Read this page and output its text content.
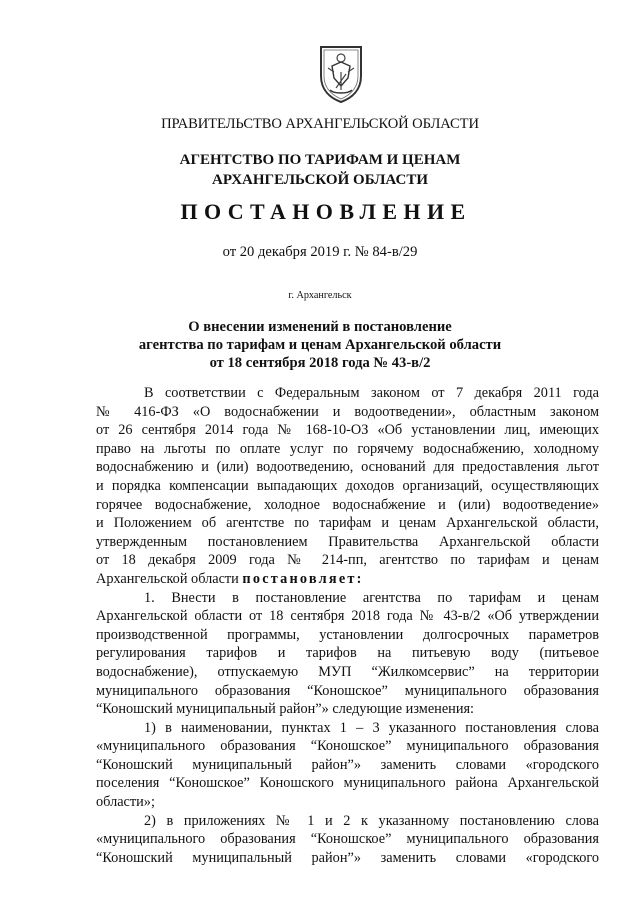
ПРАВИТЕЛЬСТВО АРХАНГЕЛЬСКОЙ ОБЛАСТИ
АГЕНТСТВО ПО ТАРИФАМ И ЦЕНАМ
АРХАНГЕЛЬСКОЙ ОБЛАСТИ
ПОСТАНОВЛЕНИЕ
от 20 декабря 2019 г. № 84-в/29
г. Архангельск
О внесении изменений в постановление
агентства по тарифам и ценам Архангельской области
от 18 сентября 2018 года № 43-в/2
В соответствии с Федеральным законом от 7 декабря 2011 года
№ 416-ФЗ «О водоснабжении и водоотведении», областным законом
от 26 сентября 2014 года № 168-10-ОЗ «Об установлении лиц, имеющих
право на льготы по оплате услуг по горячему водоснабжению, холодному
водоснабжению и (или) водоотведению, оснований для предоставления льгот
и порядка компенсации выпадающих доходов организаций, осуществляющих
горячее водоснабжение, холодное водоснабжение и (или) водоотведение»
и Положением об агентстве по тарифам и ценам Архангельской области,
утвержденным постановлением Правительства Архангельской области
от 18 декабря 2009 года № 214-пп, агентство по тарифам и ценам
Архангельской области постановляет:
1. Внести в постановление агентства по тарифам и ценам
Архангельской области от 18 сентября 2018 года № 43-в/2 «Об утверждении
производственной программы, установлении долгосрочных параметров
регулирования тарифов и тарифов на питьевую воду (питьевое
водоснабжение), отпускаемую МУП “Жилкомсервис” на территории
муниципального образования “Коношское” муниципального образования
“Коношский муниципальный район”» следующие изменения:
1) в наименовании, пунктах 1 – 3 указанного постановления слова
«муниципального образования “Коношское” муниципального образования
“Коношский муниципальный район”» заменить словами «городского
поселения “Коношское” Коношского муниципального района Архангельской
области»;
2) в приложениях № 1 и 2 к указанному постановлению слова
«муниципального образования “Коношское” муниципального образования
“Коношский муниципальный район”» заменить словами «городского
